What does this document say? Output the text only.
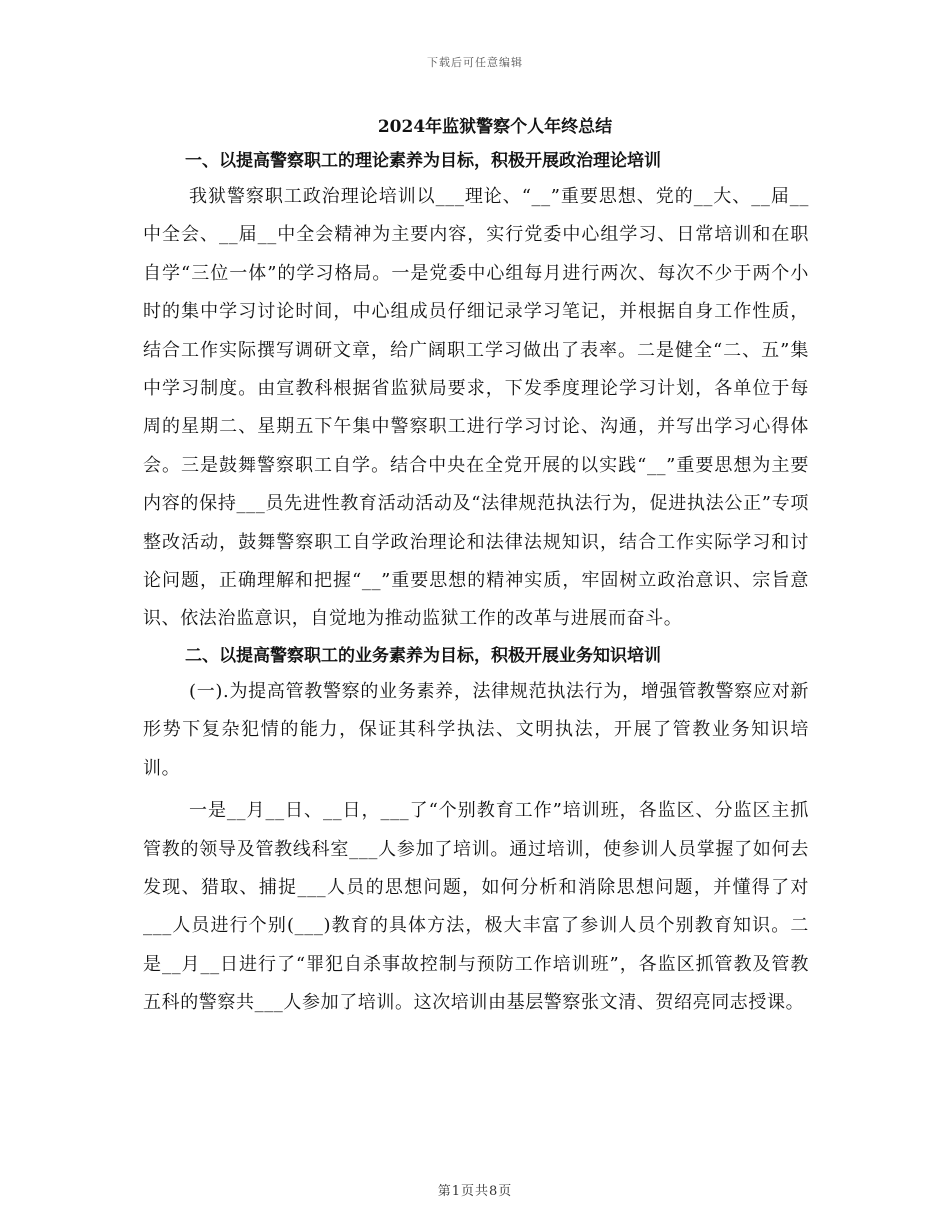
下载后可任意编辑
2024年监狱警察个人年终总结
一、以提高警察职工的理论素养为目标，积极开展政治理论培训

我狱警察职工政治理论培训以___理论、“__”重要思想、党的__大、__届__中全会、__届__中全会精神为主要内容，实行党委中心组学习、日常培训和在职自学“三位一体”的学习格局。一是党委中心组每月进行两次、每次不少于两个小时的集中学习讨论时间，中心组成员仔细记录学习笔记，并根据自身工作性质，结合工作实际撰写调研文章，给广阔职工学习做出了表率。二是健全“二、五”集中学习制度。由宣教科根据省监狱局要求，下发季度理论学习计划，各单位于每周的星期二、星期五下午集中警察职工进行学习讨论、沟通，并写出学习心得体会。三是鼓舞警察职工自学。结合中央在全党开展的以实践“__”重要思想为主要内容的保持___员先进性教育活动活动及“法律规范执法行为，促进执法公正”专项整改活动，鼓舞警察职工自学政治理论和法律法规知识，结合工作实际学习和讨论问题，正确理解和把握“__”重要思想的精神实质，牢固树立政治意识、宗旨意识、依法治监意识，自觉地为推动监狱工作的改革与进展而奋斗。

二、以提高警察职工的业务素养为目标，积极开展业务知识培训

(一).为提高管教警察的业务素养，法律规范执法行为，增强管教警察应对新形势下复杂犯情的能力，保证其科学执法、文明执法，开展了管教业务知识培训。

一是__月__日、__日，___了“个别教育工作”培训班，各监区、分监区主抓管教的领导及管教线科室___人参加了培训。通过培训，使参训人员掌握了如何去发现、猎取、捕捉___人员的思想问题，如何分析和消除思想问题，并懂得了对___人员进行个别(___)教育的具体方法，极大丰富了参训人员个别教育知识。二是__月__日进行了“罪犯自杀事故控制与预防工作培训班”，各监区抓管教及管教五科的警察共___人参加了培训。这次培训由基层警察张文清、贺绍亮同志授课。

第1页共8页
